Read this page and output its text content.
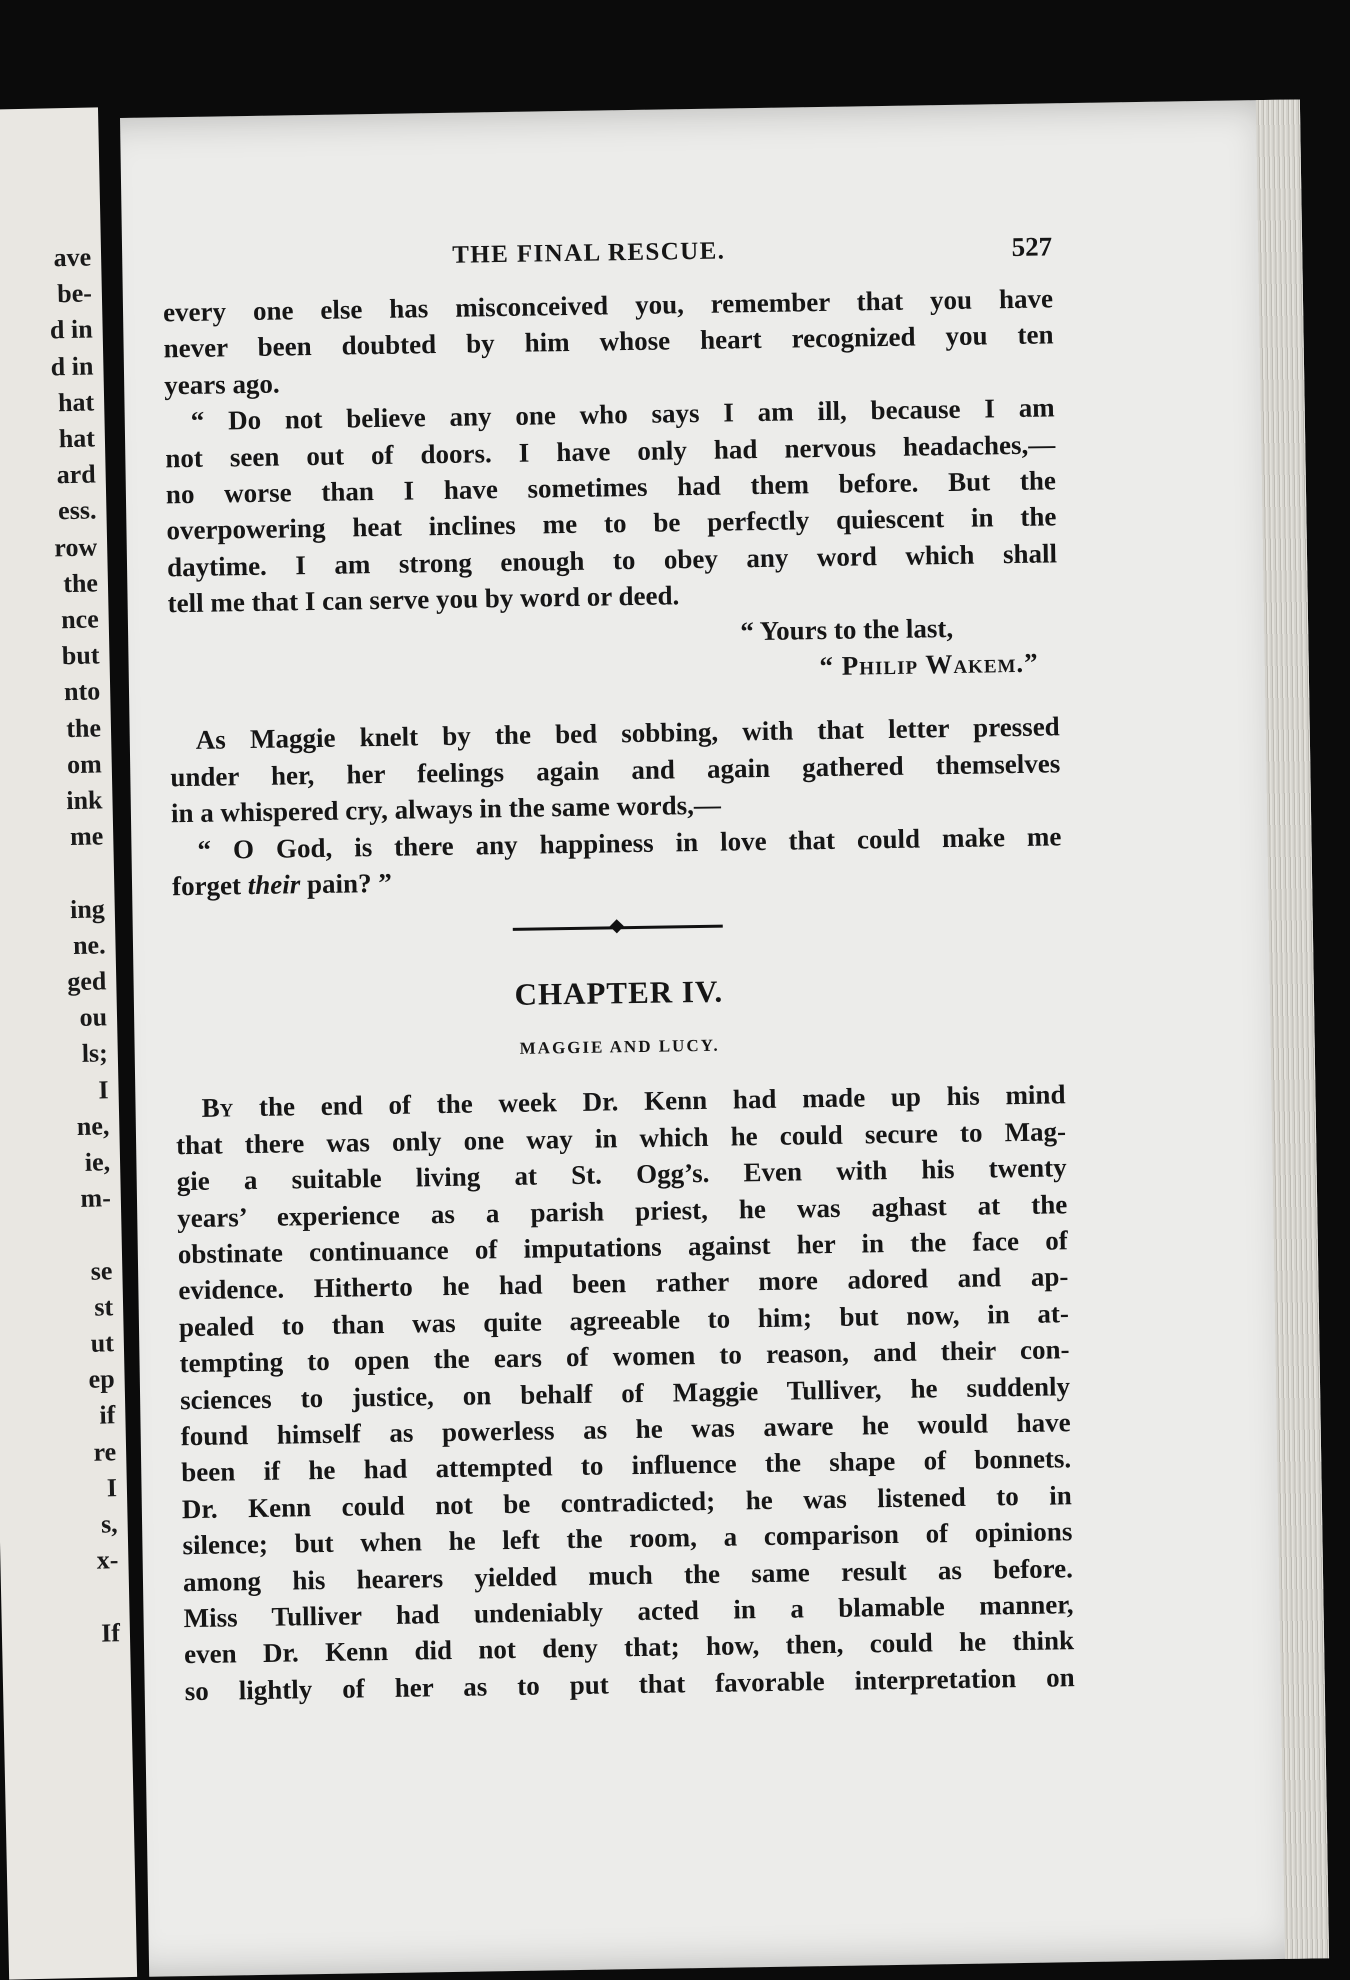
ave
be-
d in
d in
hat
hat
ard
ess.
row
the
nce
but
nto
the
om
ink
me
ing
ne.
ged
ou
ls;
I
ne,
ie,
m-
se
st
ut
ep
if
re
I
s,
x-
If
THE FINAL RESCUE.	527
every one else has misconceived you, remember that you have
never been doubted by him whose heart recognized you ten
years ago.
“ Do not believe any one who says I am ill, because I am
not seen out of doors. I have only had nervous headaches,—
no worse than I have sometimes had them before. But the
overpowering heat inclines me to be perfectly quiescent in the
daytime. I am strong enough to obey any word which shall
tell me that I can serve you by word or deed.
“ Yours to the last,
“ Philip Wakem.”
As Maggie knelt by the bed sobbing, with that letter pressed
under her, her feelings again and again gathered themselves
in a whispered cry, always in the same words,—
“ O God, is there any happiness in love that could make me
forget their pain? ”
CHAPTER IV.
MAGGIE AND LUCY.
By the end of the week Dr. Kenn had made up his mind
that there was only one way in which he could secure to Mag-
gie a suitable living at St. Ogg’s. Even with his twenty
years’ experience as a parish priest, he was aghast at the
obstinate continuance of imputations against her in the face of
evidence. Hitherto he had been rather more adored and ap-
pealed to than was quite agreeable to him; but now, in at-
tempting to open the ears of women to reason, and their con-
sciences to justice, on behalf of Maggie Tulliver, he suddenly
found himself as powerless as he was aware he would have
been if he had attempted to influence the shape of bonnets.
Dr. Kenn could not be contradicted; he was listened to in
silence; but when he left the room, a comparison of opinions
among his hearers yielded much the same result as before.
Miss Tulliver had undeniably acted in a blamable manner,
even Dr. Kenn did not deny that; how, then, could he think
so lightly of her as to put that favorable interpretation on
